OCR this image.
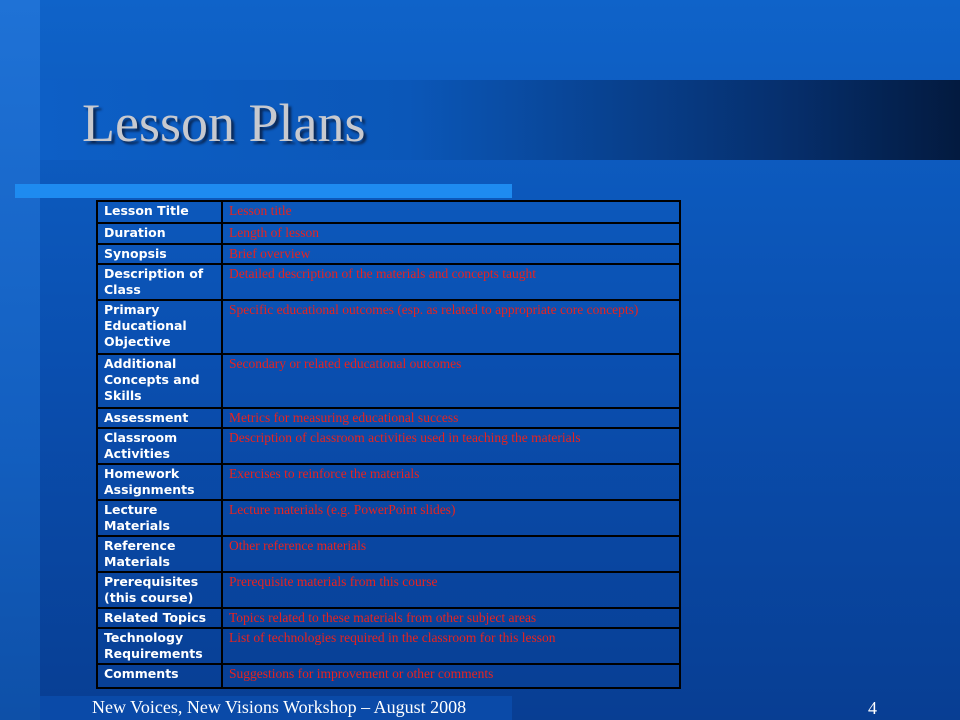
Lesson Plans
Lesson Title	Lesson title
Duration	Length of lesson
Synopsis	Brief overview
Description of Class	Detailed description of the materials and concepts taught
Primary Educational Objective	Specific educational outcomes (esp. as related to appropriate core concepts)
Additional Concepts and Skills	Secondary or related educational outcomes
Assessment	Metrics for measuring educational success
Classroom Activities	Description of classroom activities used in teaching the materials
Homework Assignments	Exercises to reinforce the materials
Lecture Materials	Lecture materials (e.g. PowerPoint slides)
Reference Materials	Other reference materials
Prerequisites (this course)	Prerequisite materials from this course
Related Topics	Topics related to these materials from other subject areas
Technology Requirements	List of technologies required in the classroom for this lesson
Comments	Suggestions for improvement or other comments
New Voices, New Visions Workshop – August 2008	4
